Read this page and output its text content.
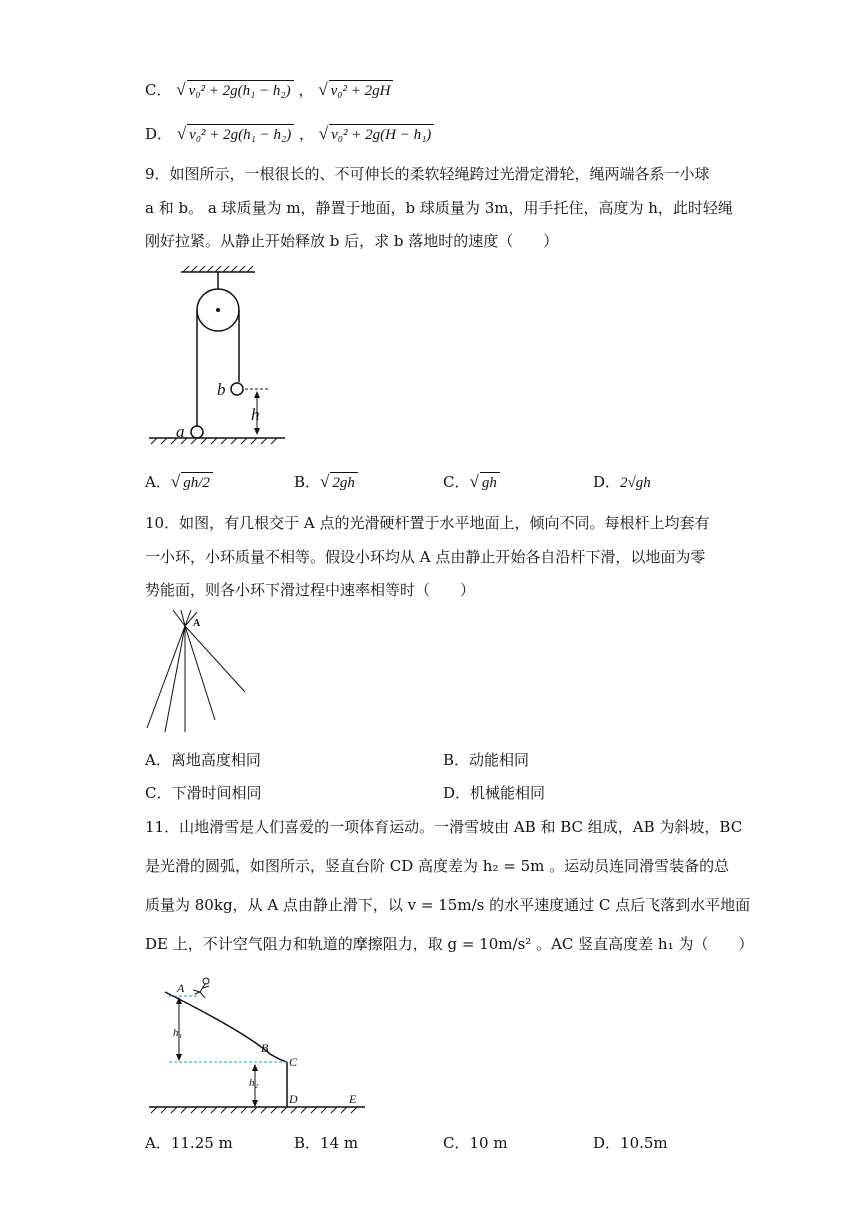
C． √ v₀² + 2g(h₁ − h₂) ， √ v₀² + 2gH
D． √ v₀² + 2g(h₁ − h₂) ， √ v₀² + 2g(H − h₁)
9．如图所示，一根很长的、不可伸长的柔软轻绳跨过光滑定滑轮，绳两端各系一小球
a 和 b。 a 球质量为 m，静置于地面，b 球质量为 3m，用手托住，高度为 h，此时轻绳
刚好拉紧。从静止开始释放 b 后，求 b 落地时的速度（　　）
b
h
a
A．√ gh/2	B．√ 2gh	C．√ gh	D．2√gh
10．如图，有几根交于 A 点的光滑硬杆置于水平地面上，倾向不同。每根杆上均套有
一小环，小环质量不相等。假设小环均从 A 点由静止开始各自沿杆下滑，以地面为零
势能面，则各小环下滑过程中速率相等时（　　）
A
A．离地高度相同	B．动能相同
C．下滑时间相同	D．机械能相同
11．山地滑雪是人们喜爱的一项体育运动。一滑雪坡由 AB 和 BC 组成，AB 为斜坡，BC
是光滑的圆弧，如图所示，竖直台阶 CD 高度差为 h₂ = 5m 。运动员连同滑雪装备的总
质量为 80kg，从 A 点由静止滑下，以 v = 15m/s 的水平速度通过 C 点后飞落到水平地面
DE 上，不计空气阻力和轨道的摩擦阻力，取 g = 10m/s² 。AC 竖直高度差 h₁ 为（　　）
A
h₁
B
C
h₂
D	E
A．11.25 m	B．14 m	C．10 m	D．10.5m
